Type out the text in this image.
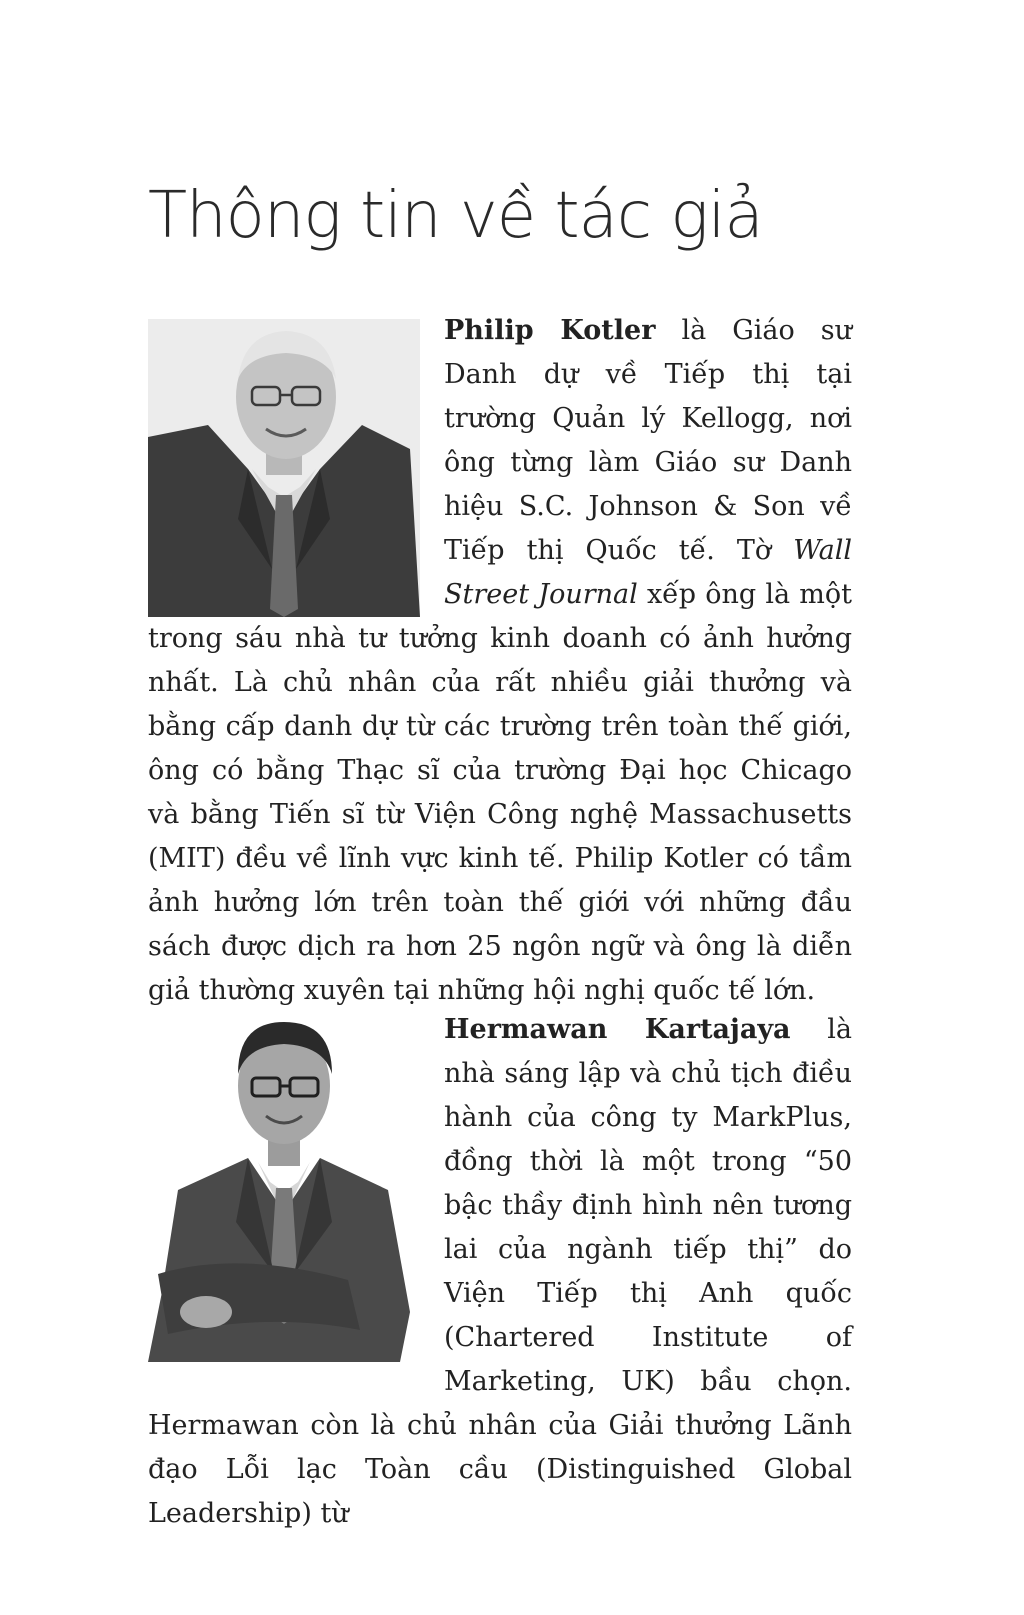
Thông tin về tác giả

Philip Kotler là Giáo sư Danh dự về Tiếp thị tại trường Quản lý Kellogg, nơi ông từng làm Giáo sư Danh hiệu S.C. Johnson & Son về Tiếp thị Quốc tế. Tờ Wall Street Journal xếp ông là một trong sáu nhà tư tưởng kinh doanh có ảnh hưởng nhất. Là chủ nhân của rất nhiều giải thưởng và bằng cấp danh dự từ các trường trên toàn thế giới, ông có bằng Thạc sĩ của trường Đại học Chicago và bằng Tiến sĩ từ Viện Công nghệ Massachusetts (MIT) đều về lĩnh vực kinh tế. Philip Kotler có tầm ảnh hưởng lớn trên toàn thế giới với những đầu sách được dịch ra hơn 25 ngôn ngữ và ông là diễn giả thường xuyên tại những hội nghị quốc tế lớn.

Hermawan Kartajaya là nhà sáng lập và chủ tịch điều hành của công ty MarkPlus, đồng thời là một trong “50 bậc thầy định hình nên tương lai của ngành tiếp thị” do Viện Tiếp thị Anh quốc (Chartered Institute of Marketing, UK) bầu chọn. Hermawan còn là chủ nhân của Giải thưởng Lãnh đạo Lỗi lạc Toàn cầu (Distinguished Global Leadership) từ
